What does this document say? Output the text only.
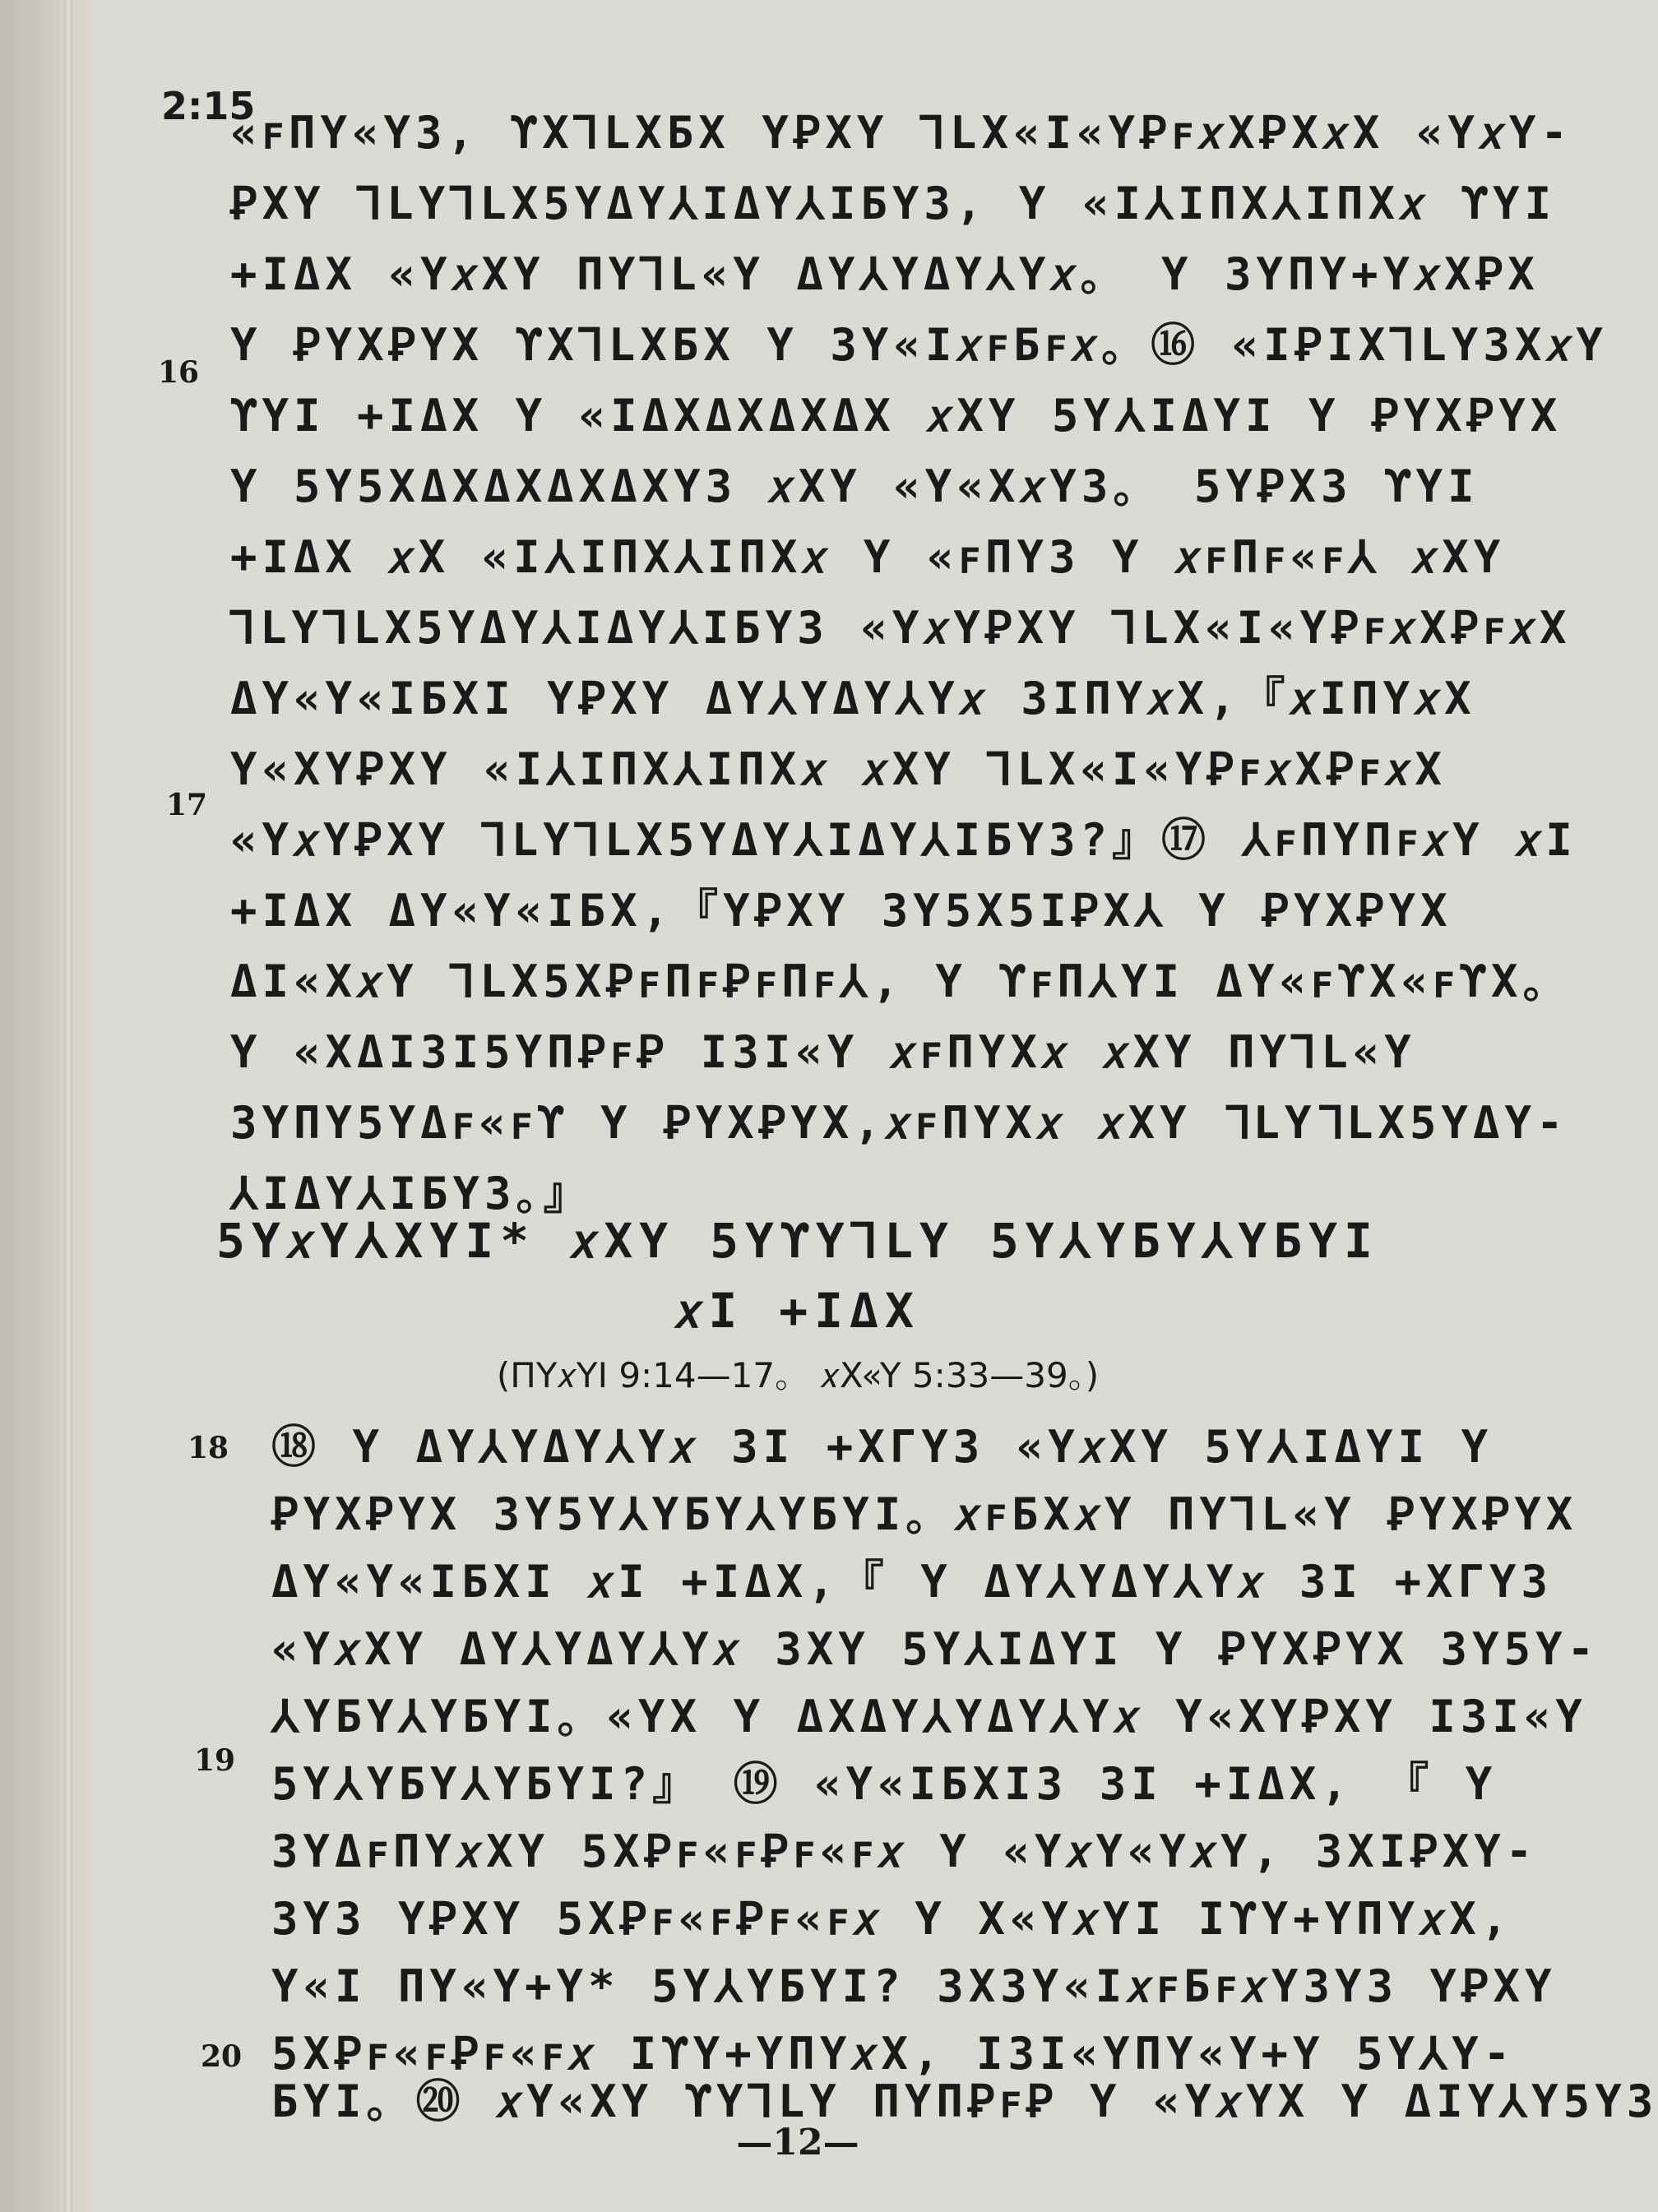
2:15
16
17
18
19
20
«ꜰΠY«Y3, ϒX⅂LXБX YꝐXY ⅂LX«I«YꝐꜰ𝑥XꝐX𝑥X «Y𝑥Y-
ꝐXY ⅂LY⅂LX5YΔY⅄IΔY⅄IБY3, Y «I⅄IΠX⅄IΠX𝑥 ϒYI
+IΔX «Y𝑥XY ΠY⅂L«Y ΔY⅄YΔY⅄Y𝑥。 Y 3YΠY+Y𝑥XꝐX
Y ꝐYXꝐYX ϒX⅂LXБX Y 3Y«I𝑥ꜰБꜰ𝑥。⑯ «IꝐIX⅂LY3X𝑥Y
ϒYI +IΔX Y «IΔXΔXΔXΔX 𝑥XY 5Y⅄IΔYI Y ꝐYXꝐYX
Y 5Y5XΔXΔXΔXΔXY3 𝑥XY «Y«X𝑥Y3。 5YꝐX3 ϒYI
+IΔX 𝑥X «I⅄IΠX⅄IΠX𝑥 Y «ꜰΠY3 Y 𝑥ꜰΠꜰ«ꜰ⅄ 𝑥XY
⅂LY⅂LX5YΔY⅄IΔY⅄IБY3 «Y𝑥YꝐXY ⅂LX«I«YꝐꜰ𝑥XꝐꜰ𝑥X
ΔY«Y«IБXI YꝐXY ΔY⅄YΔY⅄Y𝑥 3IΠY𝑥X,『𝑥IΠY𝑥X
Y«XYꝐXY «I⅄IΠX⅄IΠX𝑥 𝑥XY ⅂LX«I«YꝐꜰ𝑥XꝐꜰ𝑥X
«Y𝑥YꝐXY ⅂LY⅂LX5YΔY⅄IΔY⅄IБY3?』⑰ ⅄ꜰΠYΠꜰ𝑥Y 𝑥I
+IΔX ΔY«Y«IБX,『YꝐXY 3Y5X5IꝐX⅄ Y ꝐYXꝐYX
ΔI«X𝑥Y ⅂LX5XꝐꜰΠꜰꝐꜰΠꜰ⅄, Y ϒꜰΠ⅄YI ΔY«ꜰϒX«ꜰϒX。
Y «XΔI3I5YΠꝐꜰꝐ I3I«Y 𝑥ꜰΠYX𝑥 𝑥XY ΠY⅂L«Y
3YΠY5YΔꜰ«ꜰϒ Y ꝐYXꝐYX,𝑥ꜰΠYX𝑥 𝑥XY ⅂LY⅂LX5YΔY-
⅄IΔY⅄IБY3。』
5Y𝑥Y⅄XYI* 𝑥XY 5YϒY⅂LY 5Y⅄YБY⅄YБYI
𝑥I +IΔX
(ΠY𝑥YI 9:14—17。 𝑥X«Y 5:33—39。)
⑱ Y ΔY⅄YΔY⅄Y𝑥 3I +XΓY3 «Y𝑥XY 5Y⅄IΔYI Y
ꝐYXꝐYX 3Y5Y⅄YБY⅄YБYI。𝑥ꜰБX𝑥Y ΠY⅂L«Y ꝐYXꝐYX
ΔY«Y«IБXI 𝑥I +IΔX,『 Y ΔY⅄YΔY⅄Y𝑥 3I +XΓY3
«Y𝑥XY ΔY⅄YΔY⅄Y𝑥 3XY 5Y⅄IΔYI Y ꝐYXꝐYX 3Y5Y-
⅄YБY⅄YБYI。«YX Y ΔXΔY⅄YΔY⅄Y𝑥 Y«XYꝐXY I3I«Y
5Y⅄YБY⅄YБYI?』 ⑲ «Y«IБXI3 3I +IΔX, 『 Y
3YΔꜰΠY𝑥XY 5XꝐꜰ«ꜰꝐꜰ«ꜰ𝑥 Y «Y𝑥Y«Y𝑥Y, 3XIꝐXY-
3Y3 YꝐXY 5XꝐꜰ«ꜰꝐꜰ«ꜰ𝑥 Y X«Y𝑥YI IϒY+YΠY𝑥X,
Y«I ΠY«Y+Y* 5Y⅄YБYI? 3X3Y«I𝑥ꜰБꜰ𝑥Y3Y3 YꝐXY
5XꝐꜰ«ꜰꝐꜰ«ꜰ𝑥 IϒY+YΠY𝑥X, I3I«YΠY«Y+Y 5Y⅄Y-
БYI。⑳ 𝑥Y«XY ϒY⅂LY ΠYΠꝐꜰꝐ Y «Y𝑥YX Y ΔIY⅄Y5Y3
—12—
